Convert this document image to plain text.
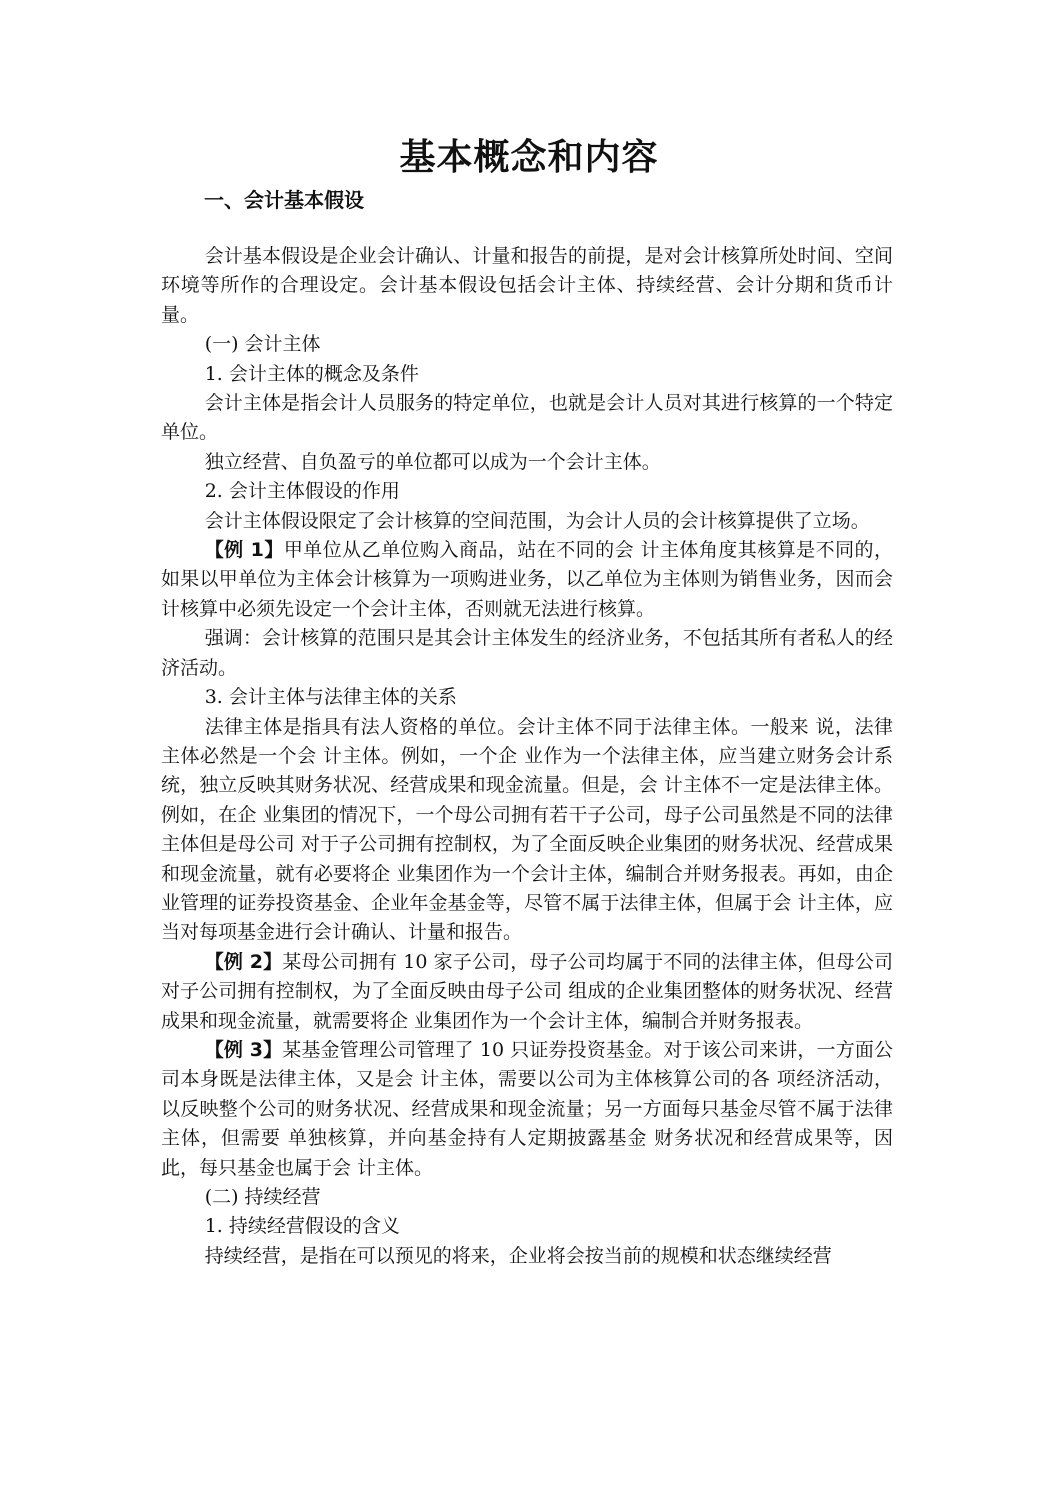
基本概念和内容
一、会计基本假设

会计基本假设是企业会计确认、计量和报告的前提，是对会计核算所处时间、空间环境等所作的合理设定。会计基本假设包括会计主体、持续经营、会计分期和货币计量。

(一) 会计主体

1. 会计主体的概念及条件

会计主体是指会计人员服务的特定单位，也就是会计人员对其进行核算的一个特定单位。

独立经营、自负盈亏的单位都可以成为一个会计主体。

2. 会计主体假设的作用

会计主体假设限定了会计核算的空间范围，为会计人员的会计核算提供了立场。

【例 1】甲单位从乙单位购入商品，站在不同的会 计主体角度其核算是不同的，如果以甲单位为主体会计核算为一项购进业务，以乙单位为主体则为销售业务，因而会计核算中必须先设定一个会计主体，否则就无法进行核算。

强调：会计核算的范围只是其会计主体发生的经济业务，不包括其所有者私人的经济活动。

3. 会计主体与法律主体的关系

法律主体是指具有法人资格的单位。会计主体不同于法律主体。一般来 说，法律主体必然是一个会 计主体。例如，一个企 业作为一个法律主体，应当建立财务会计系统，独立反映其财务状况、经营成果和现金流量。但是，会 计主体不一定是法律主体。例如，在企 业集团的情况下，一个母公司拥有若干子公司，母子公司虽然是不同的法律主体但是母公司 对于子公司拥有控制权，为了全面反映企业集团的财务状况、经营成果和现金流量，就有必要将企 业集团作为一个会计主体，编制合并财务报表。再如，由企业管理的证券投资基金、企业年金基金等，尽管不属于法律主体，但属于会 计主体，应当对每项基金进行会计确认、计量和报告。

【例 2】某母公司拥有 10 家子公司，母子公司均属于不同的法律主体，但母公司对子公司拥有控制权，为了全面反映由母子公司 组成的企业集团整体的财务状况、经营成果和现金流量，就需要将企 业集团作为一个会计主体，编制合并财务报表。

【例 3】某基金管理公司管理了 10 只证券投资基金。对于该公司来讲，一方面公司本身既是法律主体，又是会 计主体，需要以公司为主体核算公司的各 项经济活动，以反映整个公司的财务状况、经营成果和现金流量；另一方面每只基金尽管不属于法律主体，但需要 单独核算，并向基金持有人定期披露基金 财务状况和经营成果等，因此，每只基金也属于会 计主体。

(二) 持续经营

1. 持续经营假设的含义

持续经营，是指在可以预见的将来，企业将会按当前的规模和状态继续经营
